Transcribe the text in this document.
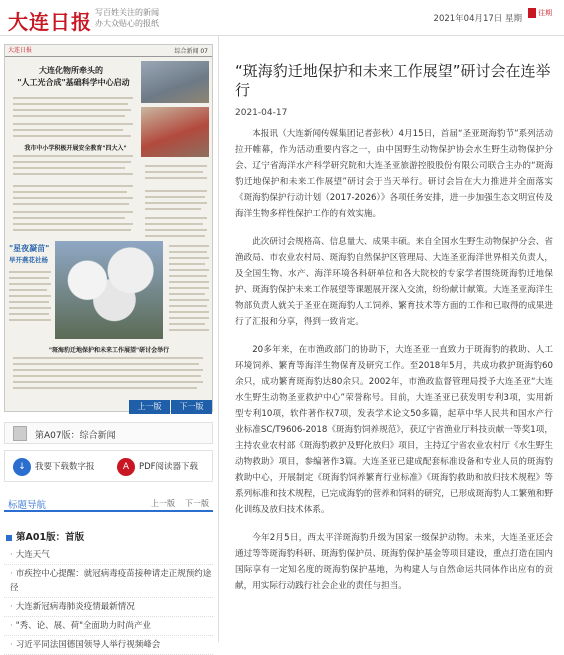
大连日报 写百姓关注的新闻
办大众贴心的报纸	2021年04月17日 星期
往期
大连日报	综合新闻 07
大连化物所牵头的
"人工光合成"基础科学中心启动
我市中小学积极开展安全教育"四大入"
"星夜凝苗"
早开燕花社杨
"斑海豹迁地保护和未来工作展望"研讨会举行
上一版	下一版
第A07版：综合新闻
↓ 我要下载数字报	A PDF阅读器下载
标题导航	上一版 下一版
第A01版：首版
· 大连天气
· 市疾控中心提醒：就冠病毒疫苗接种请走正规预约途径
· 大连新冠病毒肺炎疫情最新情况
· "秀、论、展、荷"全面助力时尚产业
· 习近平同法国德国领导人举行视频峰会
“斑海豹迁地保护和未来工作展望”研讨会在连举行
2021-04-17

本报讯（大连新闻传媒集团记者彭秋）4月15日，首届“圣亚斑海豹节”系列活动拉开帷幕，作为活动重要内容之一，由中国野生动物保护协会水生野生动物保护分会、辽宁省海洋水产科学研究院和大连圣亚旅游控股股份有限公司联合主办的“斑海豹迁地保护和未来工作展望”研讨会于当天举行。研讨会旨在大力推进并全面落实《斑海豹保护行动计划（2017-2026）》各项任务安排，进一步加强生态文明宣传及海洋生物多样性保护工作的有效实施。

此次研讨会规格高、信息量大、成果丰硕。来自全国水生野生动物保护分会、省渔政局、市农业农村局、斑海豹自然保护区管理局、大连圣亚海洋世界相关负责人，及全国生物、水产、海洋环境各科研单位和各大院校的专家学者围绕斑海豹迁地保护、斑海豹保护未来工作展望等课题展开深入交流，纷纷献计献策。大连圣亚海洋生物部负责人就关于圣亚在斑海豹人工饲养、繁育技术等方面的工作和已取得的成果进行了汇报和分享，得到一致肯定。

20多年来，在市渔政部门的协助下，大连圣亚一直致力于斑海豹的救助、人工环境饲养、繁育等海洋生物保育及研究工作。至2018年5月，共成功救护斑海豹60余只，成功繁育斑海豹达80余只。2002年，市渔政监督管理局授予大连圣亚“大连水生野生动物圣亚救护中心”荣誉称号。目前，大连圣亚已获发明专利3项，实用新型专利10项，软件著作权7项，发表学术论文50多篇，起草中华人民共和国水产行业标准SC/T9606-2018《斑海豹饲养规范》，获辽宁省渔业厅科技贡献一等奖1项，主持农业农村部《斑海豹救护及野化放归》项目，主持辽宁省农业农村厅《水生野生动物救助》项目，参编著作3篇。大连圣亚已建成配套标准设备和专业人员的斑海豹救助中心，开展制定《斑海豹饲养繁育行业标准》《斑海豹救助和放归技术规程》等系列标准和技术规程，已完成海豹的营养和饲料的研究，已形成斑海豹人工繁殖和野化训练及放归技术体系。

今年2月5日，西太平洋斑海豹升级为国家一级保护动物。未来，大连圣亚还会通过等等斑海豹科研、斑海豹保护员、斑海豹保护基金等项目建设，重点打造在国内国际享有一定知名度的斑海豹保护基地，为构建人与自然命运共同体作出应有的贡献，用实际行动践行社会企业的责任与担当。
